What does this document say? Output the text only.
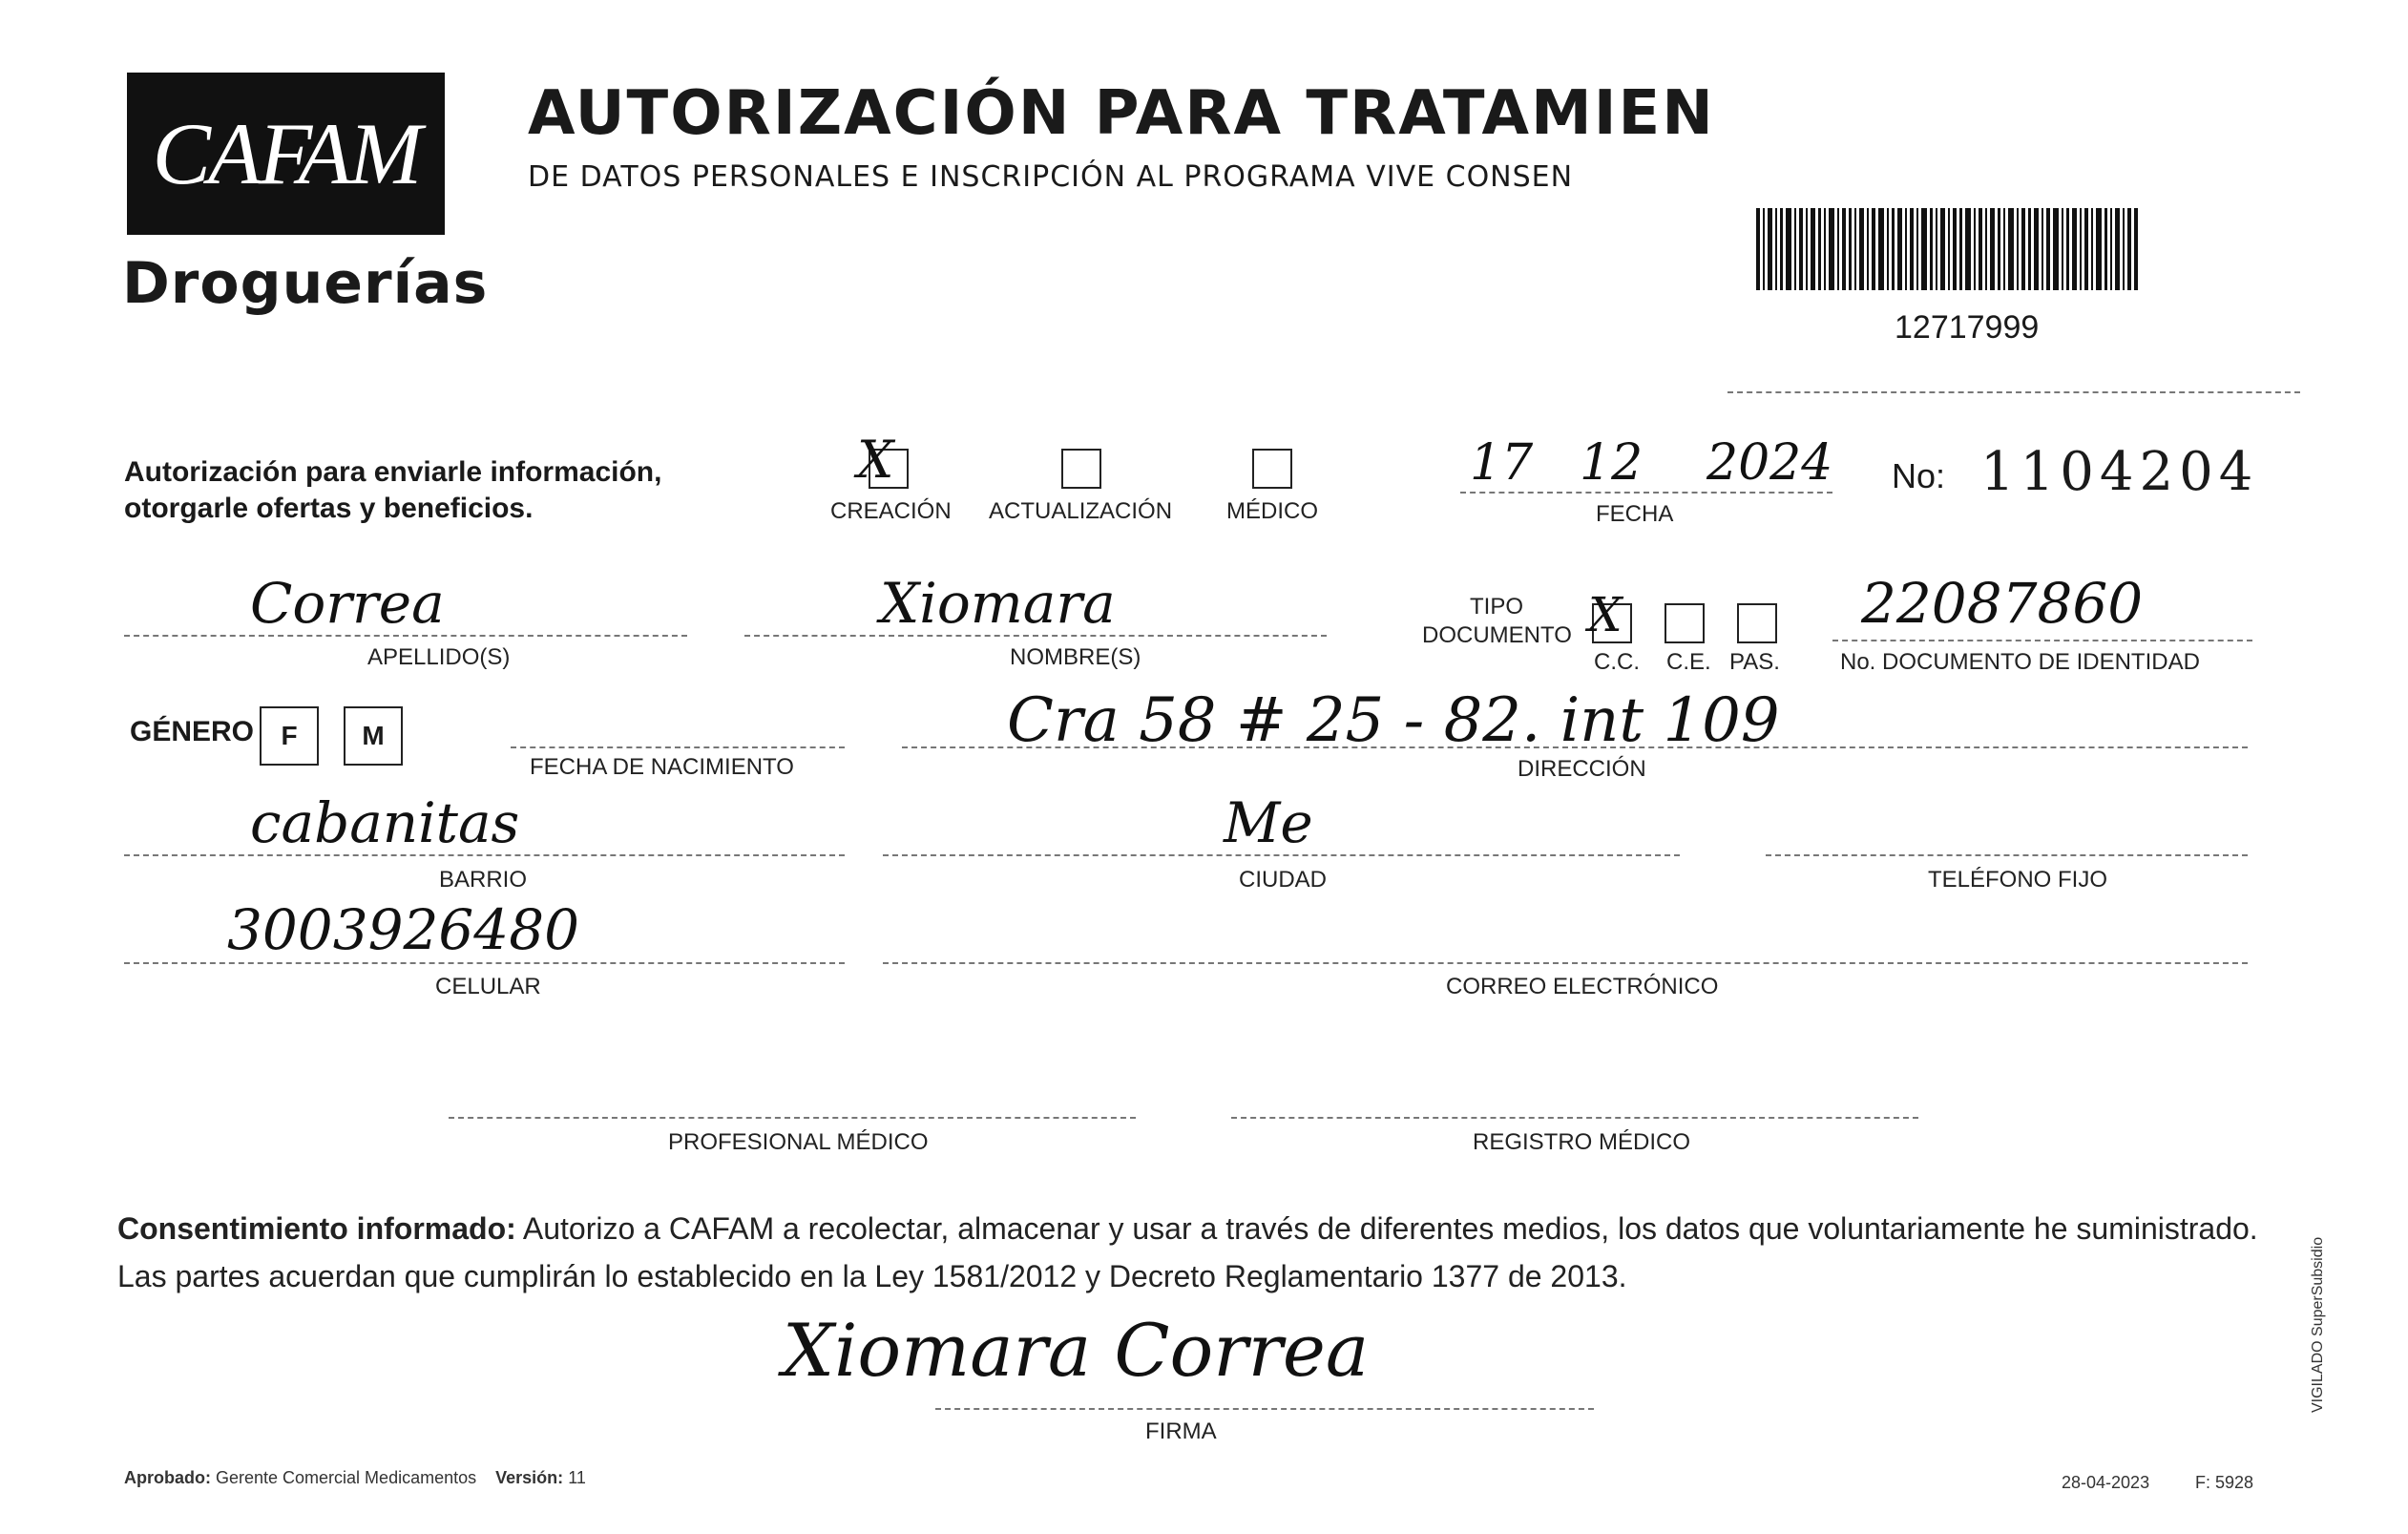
CAFAM
Droguerías
AUTORIZACIÓN PARA TRATAMIEN
DE DATOS PERSONALES E INSCRIPCIÓN AL PROGRAMA VIVE CONSEN
12717999
Autorización para enviarle información,
otorgarle ofertas y beneficios.
X
CREACIÓN ACTUALIZACIÓN MÉDICO
17 12 2024
FECHA
No: 1104204
Correa
APELLIDO(S)
Xiomara
NOMBRE(S)
TIPO
DOCUMENTO X
C.C. C.E. PAS.
22087860
No. DOCUMENTO DE IDENTIDAD
GÉNERO	F	M
FECHA DE NACIMIENTO
Cra 58 # 25 - 82. int 109
DIRECCIÓN
cabanitas
BARRIO
Me
CIUDAD	TELÉFONO FIJO
3003926480
CELULAR	CORREO ELECTRÓNICO
PROFESIONAL MÉDICO	REGISTRO MÉDICO
Consentimiento informado: Autorizo a CAFAM a recolectar, almacenar y usar a través de diferentes medios, los datos que voluntariamente he suministrado. Las partes acuerdan que cumplirán lo establecido en la Ley 1581/2012 y Decreto Reglamentario 1377 de 2013.
Xiomara Correa
FIRMA
Aprobado: Gerente Comercial Medicamentos Versión: 11	28-04-2023	F: 5928
VIGILADO SuperSubsidio
